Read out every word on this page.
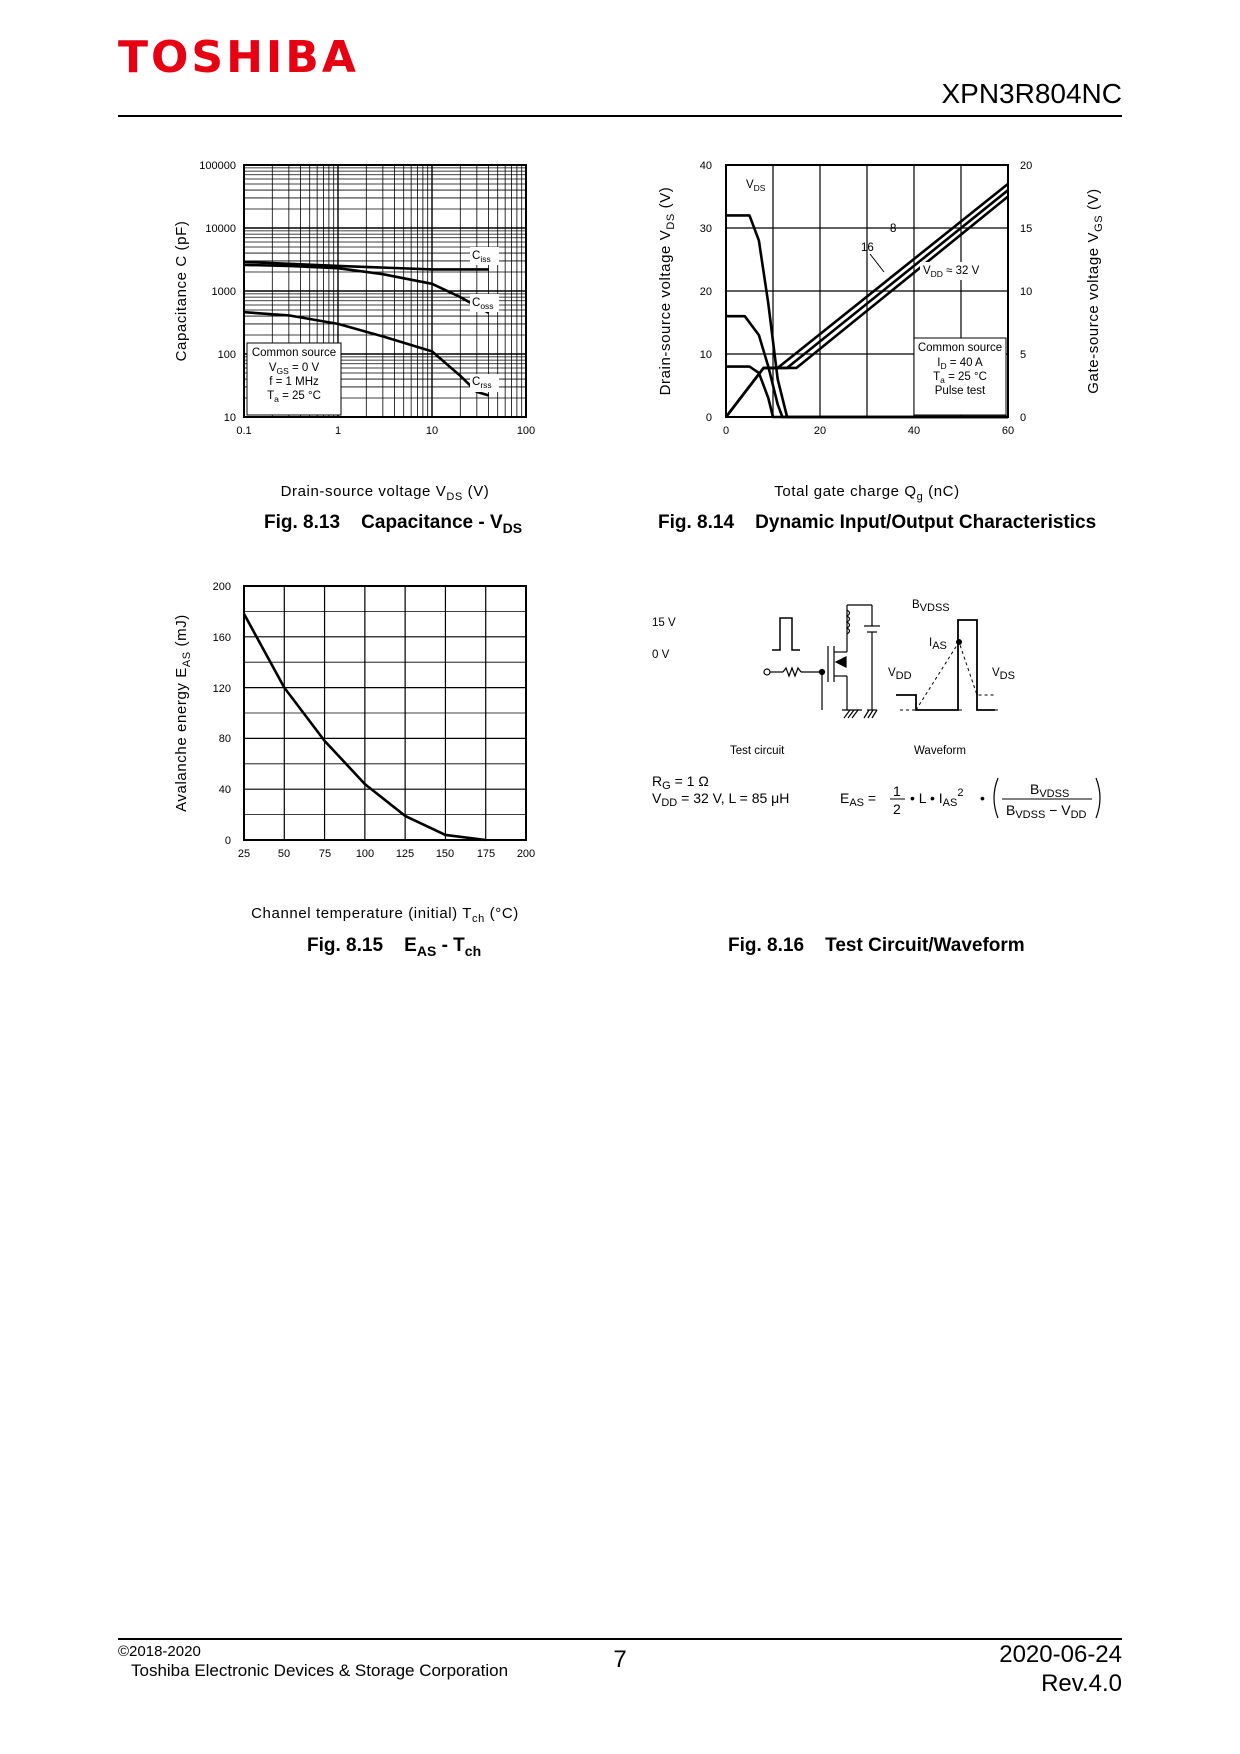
TOSHIBA
XPN3R804NC
100000
10000
1000
100
10
0.1	1	10	100
Capacitance C (pF)
Drain-source voltage $V_{DS}$ (V)
Common source
$V_{GS} = 0$ V
f = 1 MHz
$T_a = 25$ °C
$C_{iss}$
$C_{oss}$
$C_{rss}$
Fig. 8.13 Capacitance - $V_{DS}$
40
30
20
10
0
20
15
10
5
0
0	20	40	60
Drain-source voltage $V_{DS}$ (V)
Gate-source voltage $V_{GS}$ (V)
Total gate charge $Q_g$ (nC)
$V_{DS}$
8
16
$V_{DD} \approx 32$ V
Common source
$I_D = 40$ A
$T_a = 25$ °C
Pulse test
Fig. 8.14 Dynamic Input/Output Characteristics
200
160
120
80
40
0
25	50	75 100 125 150 175 200
Avalanche energy $E_{AS}$ (mJ)
Channel temperature (initial) $T_{ch}$ (°C)
Fig. 8.15 $E_{AS} - T_{ch}$
15 V
0 V
Test circuit
BVDSS
IAS
VDD	VDS
Waveform
$R_G = 1$ Ω
$V_{DD} = 32$ V, L = 85 μH	$E_{AS} = 1$
2
• L • $I_{AS}^2$ •
$B_{VDSS}$
$B_{VDSS} - V_{DD}$
Fig. 8.16 Test Circuit/Waveform
©2018-2020
Toshiba Electronic Devices & Storage Corporation	7	2020-06-24
Rev.4.0
